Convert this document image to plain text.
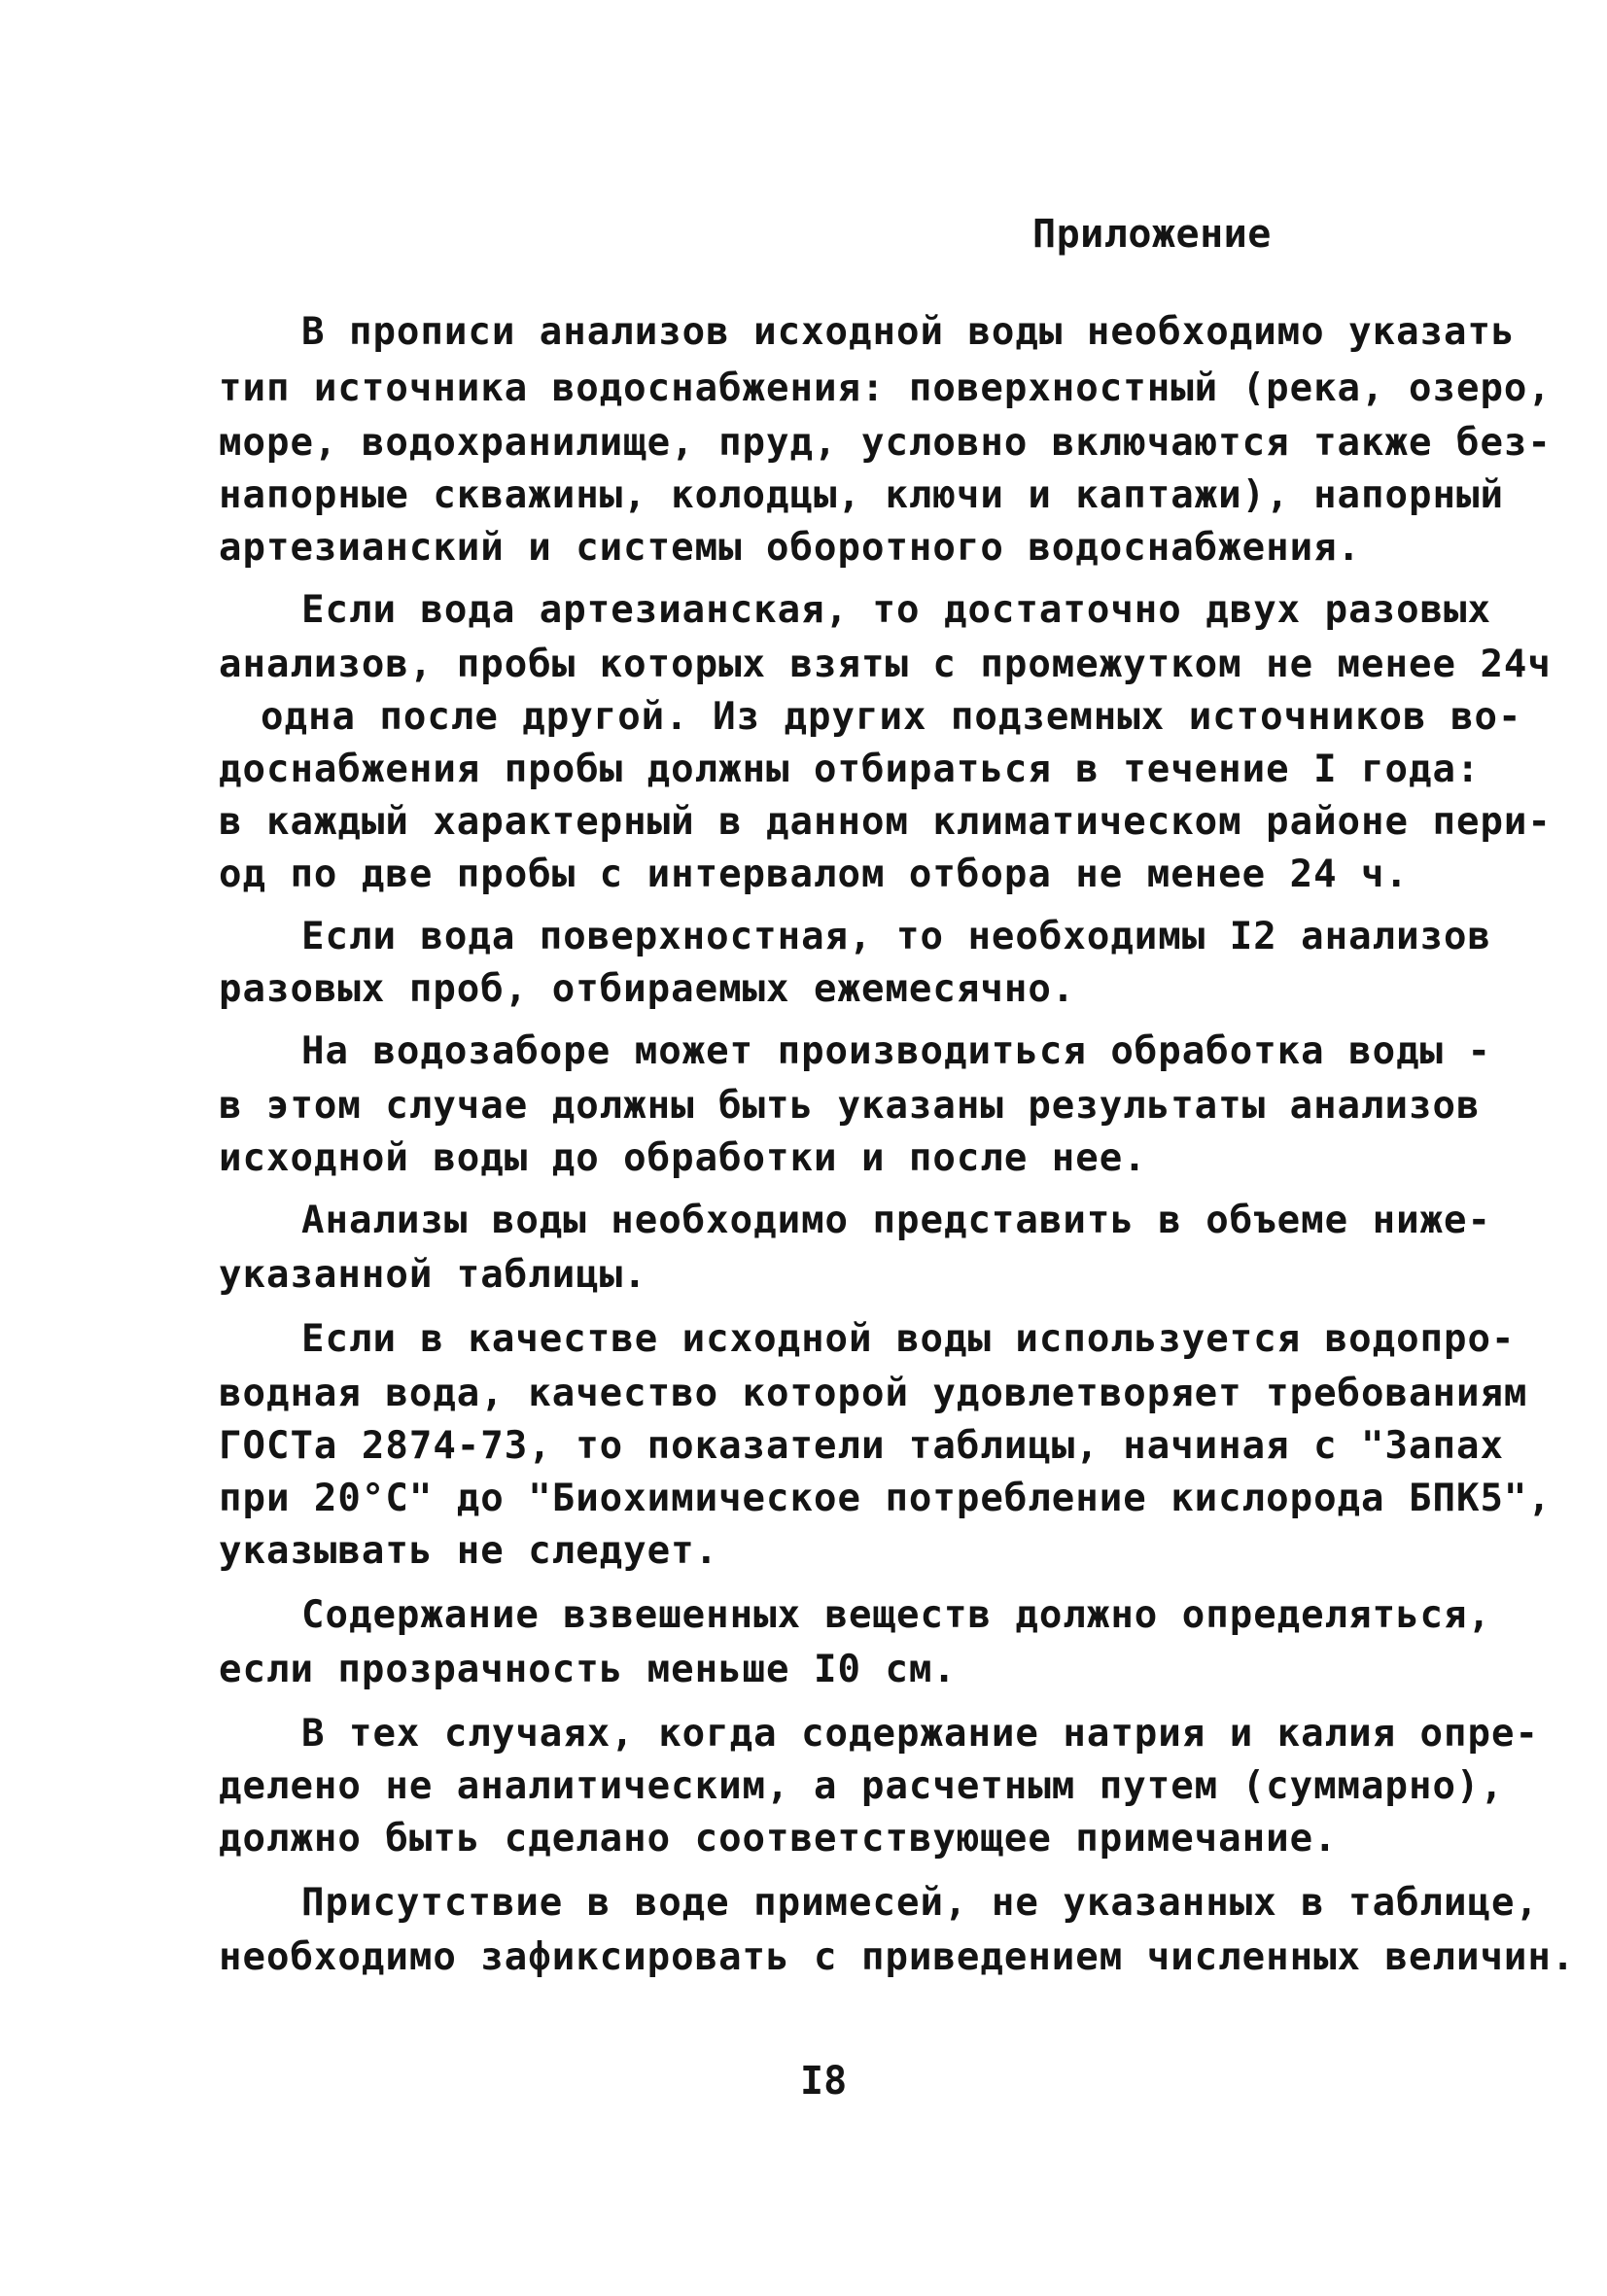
Приложение
В прописи анализов исходной воды необходимо указать
тип источника водоснабжения: поверхностный (река, озеро,
море, водохранилище, пруд, условно включаются также без-
напорные скважины, колодцы, ключи и каптажи), напорный
артезианский и системы оборотного водоснабжения.
Если вода артезианская, то достаточно двух разовых
анализов, пробы которых взяты с промежутком не менее 24ч
одна после другой. Из других подземных источников во-
доснабжения пробы должны отбираться в течение I года:
в каждый характерный в данном климатическом районе пери-
од по две пробы с интервалом отбора не менее 24 ч.
Если вода поверхностная, то необходимы I2 анализов
разовых проб, отбираемых ежемесячно.
На водозаборе может производиться обработка воды -
в этом случае должны быть указаны результаты анализов
исходной воды до обработки и после нее.
Анализы воды необходимо представить в объеме ниже-
указанной таблицы.
Если в качестве исходной воды используется водопро-
водная вода, качество которой удовлетворяет требованиям
ГОСТа 2874-73, то показатели таблицы, начиная с "Запах
при 20°С" до "Биохимическое потребление кислорода БПК5",
указывать не следует.
Содержание взвешенных веществ должно определяться,
если прозрачность меньше I0 см.
В тех случаях, когда содержание натрия и калия опре-
делено не аналитическим, а расчетным путем (суммарно),
должно быть сделано соответствующее примечание.
Присутствие в воде примесей, не указанных в таблице,
необходимо зафиксировать с приведением численных величин.
I8
